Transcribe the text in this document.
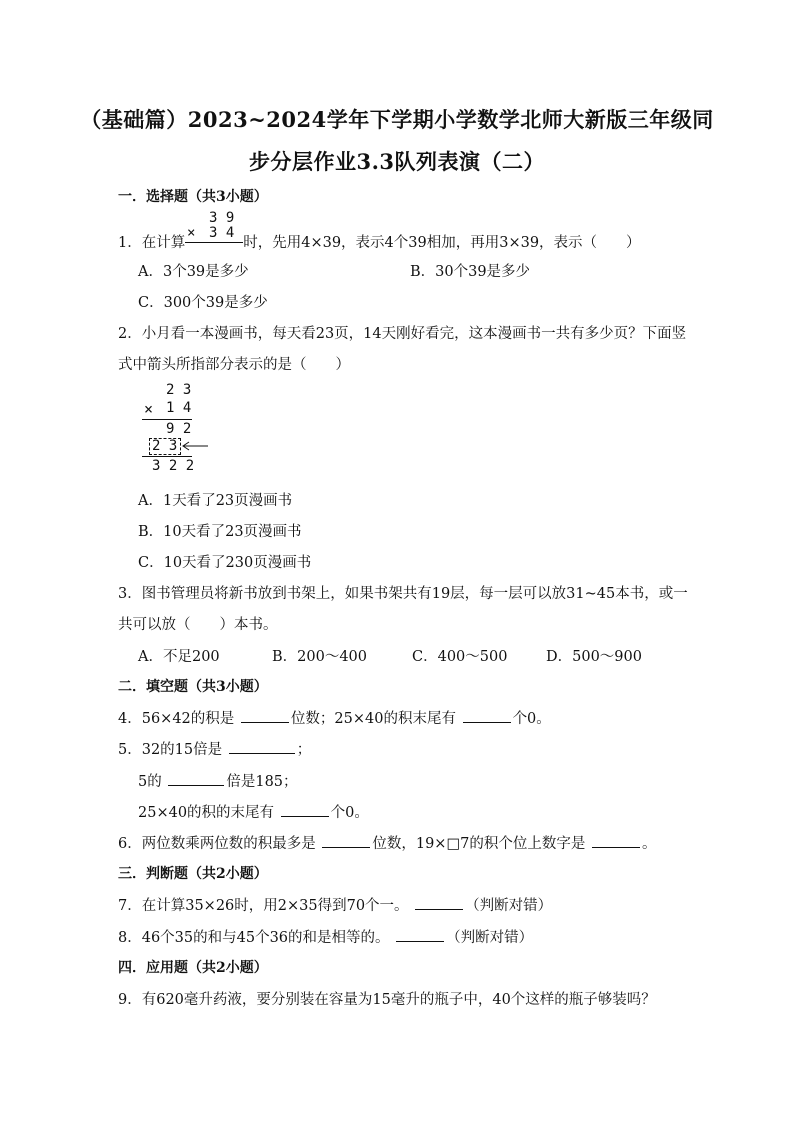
（基础篇）2023~2024学年下学期小学数学北师大新版三年级同
步分层作业3.3队列表演（二）
一．选择题（共3小题）
1．在计算	时，先用4×39，表示4个39相加，再用3×39，表示（　　）
3 9
× 3 4
A．3个39是多少	B．30个39是多少
C．300个39是多少
2．小月看一本漫画书，每天看23页，14天刚好看完，这本漫画书一共有多少页？下面竖
式中箭头所指部分表示的是（　　）
2 3
× 1 4
9 2
2 3
3 2 2
A．1天看了23页漫画书
B．10天看了23页漫画书
C．10天看了230页漫画书
3．图书管理员将新书放到书架上，如果书架共有19层，每一层可以放31~45本书，或一
共可以放（　　）本书。
A．不足200	B．200～400	C．400～500	D．500～900
二．填空题（共3小题）
4．56×42的积是	位数；25×40的积末尾有	个0。
5．32的15倍是	；
5的	倍是185；
25×40的积的末尾有	个0。
6．两位数乘两位数的积最多是	位数，19×□7的积个位上数字是	。
三．判断题（共2小题）
7．在计算35×26时，用2×35得到70个一。	（判断对错）
8．46个35的和与45个36的和是相等的。	（判断对错）
四．应用题（共2小题）
9．有620毫升药液，要分别装在容量为15毫升的瓶子中，40个这样的瓶子够装吗？
